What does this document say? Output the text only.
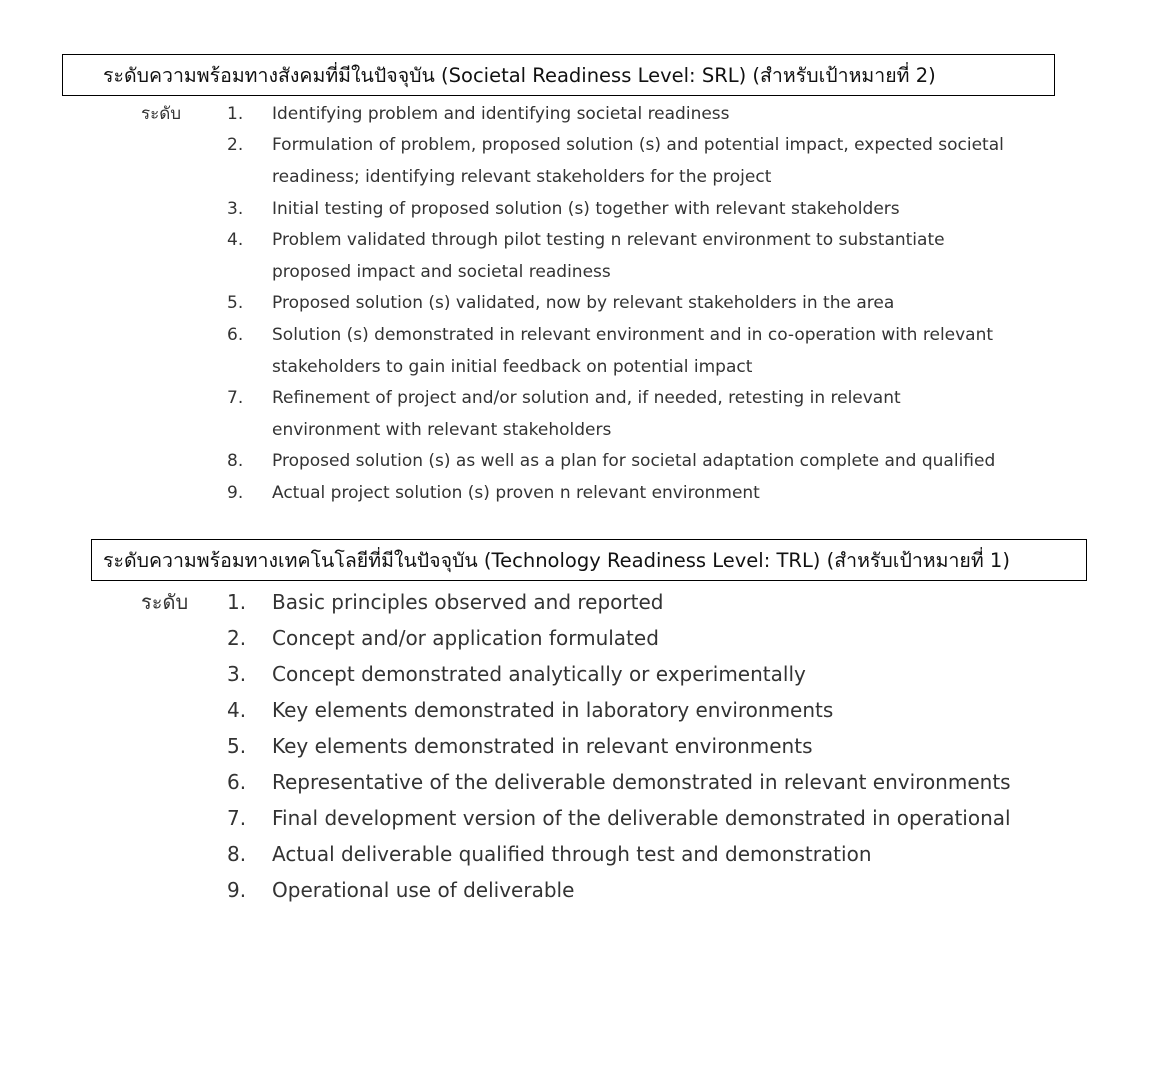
ระดับความพร้อมทางสังคมที่มีในปัจจุบัน (Societal Readiness Level: SRL) (สำหรับเป้าหมายที่ 2)
ระดับ	1. Identifying problem and identifying societal readiness
2. Formulation of problem, proposed solution (s) and potential impact, expected societal readiness; identifying relevant stakeholders for the project
3. Initial testing of proposed solution (s) together with relevant stakeholders
4. Problem validated through pilot testing n relevant environment to substantiate proposed impact and societal readiness
5. Proposed solution (s) validated, now by relevant stakeholders in the area
6. Solution (s) demonstrated in relevant environment and in co-operation with relevant stakeholders to gain initial feedback on potential impact
7. Refinement of project and/or solution and, if needed, retesting in relevant environment with relevant stakeholders
8. Proposed solution (s) as well as a plan for societal adaptation complete and qualified
9. Actual project solution (s) proven n relevant environment
ระดับความพร้อมทางเทคโนโลยีที่มีในปัจจุบัน (Technology Readiness Level: TRL) (สำหรับเป้าหมายที่ 1)
ระดับ 1. Basic principles observed and reported
2. Concept and/or application formulated
3. Concept demonstrated analytically or experimentally
4. Key elements demonstrated in laboratory environments
5. Key elements demonstrated in relevant environments
6. Representative of the deliverable demonstrated in relevant environments
7. Final development version of the deliverable demonstrated in operational
8. Actual deliverable qualified through test and demonstration
9. Operational use of deliverable
